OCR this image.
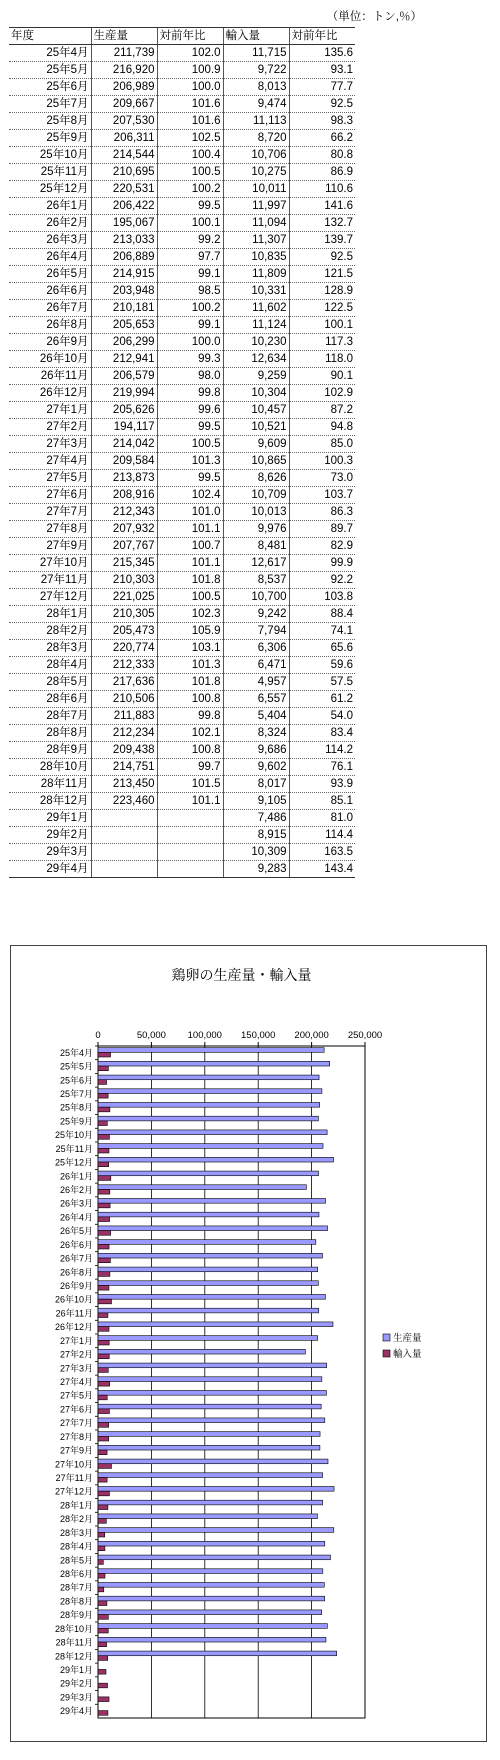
（単位：トン,％）
年度	生産量	対前年比	輸入量	対前年比
25年4月	211,739	102.0	11,715	135.6
25年5月	216,920	100.9	9,722	93.1
25年6月	206,989	100.0	8,013	77.7
25年7月	209,667	101.6	9,474	92.5
25年8月	207,530	101.6	11,113	98.3
25年9月	206,311	102.5	8,720	66.2
25年10月	214,544	100.4	10,706	80.8
25年11月	210,695	100.5	10,275	86.9
25年12月	220,531	100.2	10,011	110.6
26年1月	206,422	99.5	11,997	141.6
26年2月	195,067	100.1	11,094	132.7
26年3月	213,033	99.2	11,307	139.7
26年4月	206,889	97.7	10,835	92.5
26年5月	214,915	99.1	11,809	121.5
26年6月	203,948	98.5	10,331	128.9
26年7月	210,181	100.2	11,602	122.5
26年8月	205,653	99.1	11,124	100.1
26年9月	206,299	100.0	10,230	117.3
26年10月	212,941	99.3	12,634	118.0
26年11月	206,579	98.0	9,259	90.1
26年12月	219,994	99.8	10,304	102.9
27年1月	205,626	99.6	10,457	87.2
27年2月	194,117	99.5	10,521	94.8
27年3月	214,042	100.5	9,609	85.0
27年4月	209,584	101.3	10,865	100.3
27年5月	213,873	99.5	8,626	73.0
27年6月	208,916	102.4	10,709	103.7
27年7月	212,343	101.0	10,013	86.3
27年8月	207,932	101.1	9,976	89.7
27年9月	207,767	100.7	8,481	82.9
27年10月	215,345	101.1	12,617	99.9
27年11月	210,303	101.8	8,537	92.2
27年12月	221,025	100.5	10,700	103.8
28年1月	210,305	102.3	9,242	88.4
28年2月	205,473	105.9	7,794	74.1
28年3月	220,774	103.1	6,306	65.6
28年4月	212,333	101.3	6,471	59.6
28年5月	217,636	101.8	4,957	57.5
28年6月	210,506	100.8	6,557	61.2
28年7月	211,883	99.8	5,404	54.0
28年8月	212,234	102.1	8,324	83.4
28年9月	209,438	100.8	9,686	114.2
28年10月	214,751	99.7	9,602	76.1
28年11月	213,450	101.5	8,017	93.9
28年12月	223,460	101.1	9,105	85.1
29年1月			7,486	81.0
29年2月			8,915	114.4
29年3月			10,309	163.5
29年4月			9,283	143.4
鶏卵の生産量・輸入量
0	50,000 100,000 150,000 200,000 250,000
25年4月
25年5月
25年6月
25年7月
25年8月
25年9月
25年10月
25年11月
25年12月
26年1月
26年2月
26年3月
26年4月
26年5月
26年6月
26年7月
26年8月
26年9月
26年10月
26年11月
26年12月
27年1月
27年2月
27年3月
27年4月
27年5月
27年6月
27年7月
27年8月
27年9月
27年10月
27年11月
27年12月
28年1月
28年2月
28年3月
28年4月
28年5月
28年6月
28年7月
28年8月
28年9月
28年10月
28年11月
28年12月
29年1月
29年2月
29年3月
29年4月
生産量
輸入量
